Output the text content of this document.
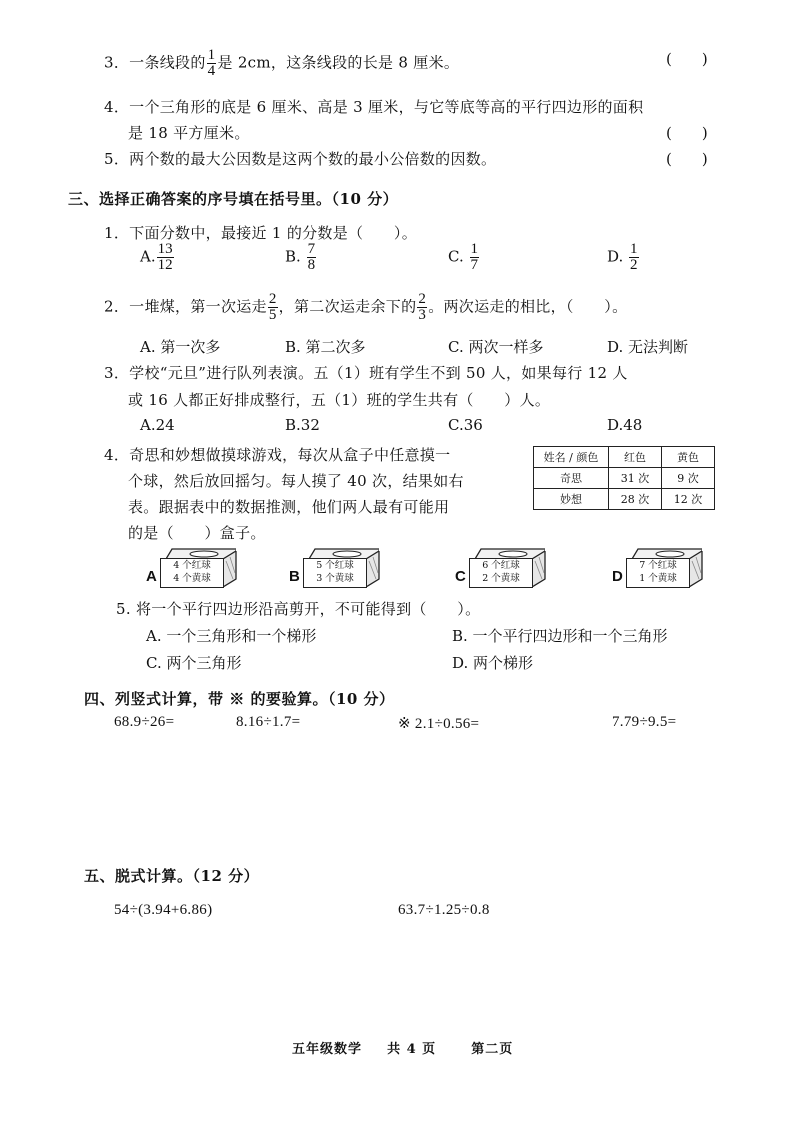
3．一条线段的 $\frac{1}{4}$ 是 2cm，这条线段的长是 8 厘米。	(　　)
4．一个三角形的底是 6 厘米、高是 3 厘米，与它等底等高的平行四边形的面积
是 18 平方厘米。	(　　)
5．两个数的最大公因数是这两个数的最小公倍数的因数。	(　　)
三、选择正确答案的序号填在括号里。（10 分）
1．下面分数中，最接近 1 的分数是（　　）。
A. $\frac{13}{12}$	B. $\frac{7}{8}$	C. $\frac{1}{7}$	D. $\frac{1}{2}$
2．一堆煤，第一次运走 $\frac{2}{5}$ ，第二次运走余下的 $\frac{2}{3}$ 。两次运走的相比，（　　）。
A. 第一次多	B. 第二次多	C. 两次一样多	D. 无法判断
3．学校“元旦”进行队列表演。五（1）班有学生不到 50 人，如果每行 12 人
或 16 人都正好排成整行，五（1）班的学生共有（　　）人。
A.24	B.32	C.36	D.48
4．奇思和妙想做摸球游戏，每次从盒子中任意摸一
个球，然后放回摇匀。每人摸了 40 次，结果如右
表。跟据表中的数据推测，他们两人最有可能用
的是（　　）盒子。
姓名 / 颜色	红色	黄色
奇思	31 次	9 次
妙想	28 次	12 次
A
4 个红球
4 个黄球	B
5 个红球
3 个黄球	C
6 个红球
2 个黄球	D
7 个红球
1 个黄球
5. 将一个平行四边形沿高剪开，不可能得到（　　）。
A. 一个三角形和一个梯形	B. 一个平行四边形和一个三角形
C. 两个三角形	D. 两个梯形
四、列竖式计算，带 ※ 的要验算。（10 分）
68.9÷26=	8.16÷1.7=	※ 2.1÷0.56=	7.79÷9.5=
五、脱式计算。（12 分）
54÷(3.94+6.86)	63.7÷1.25÷0.8
五年级数学 共 4 页	第二页
